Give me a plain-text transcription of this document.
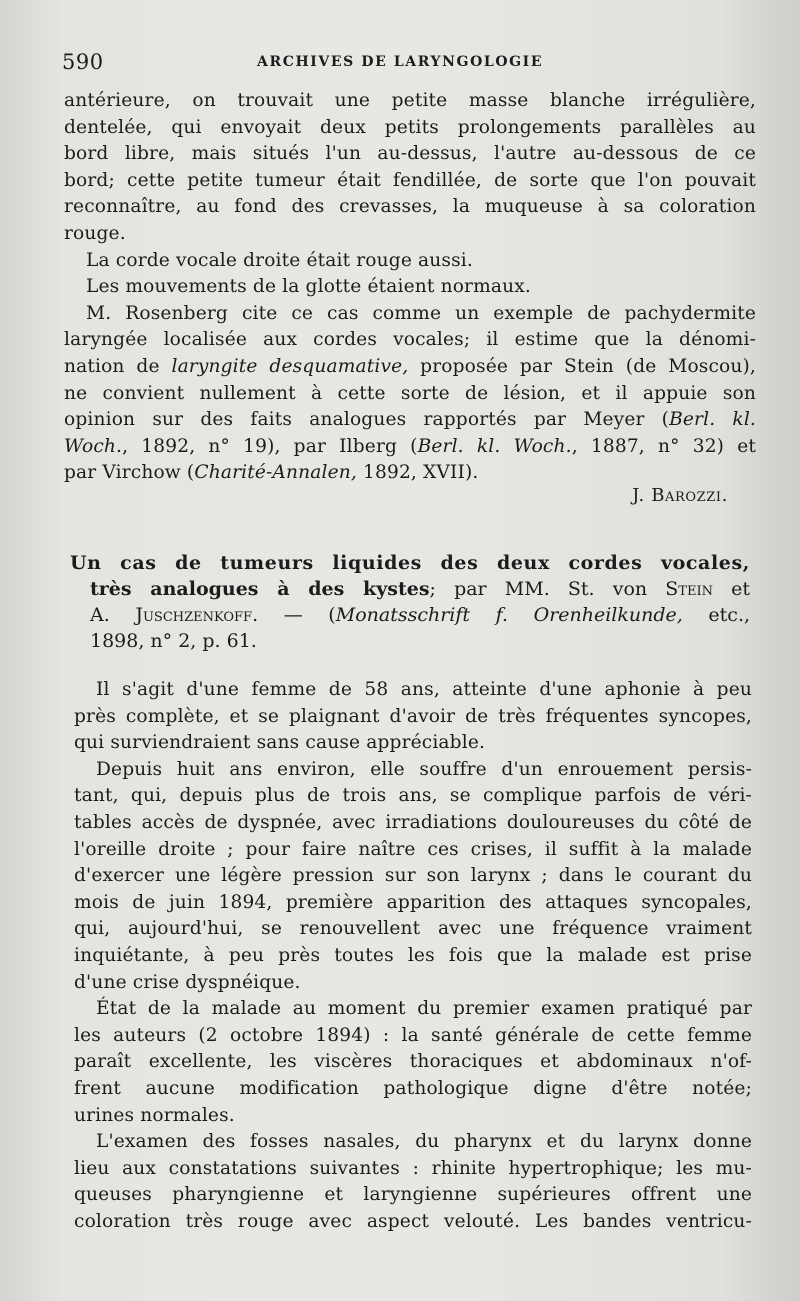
590	ARCHIVES DE LARYNGOLOGIE
antérieure, on trouvait une petite masse blanche irrégulière,
dentelée, qui envoyait deux petits prolongements parallèles au
bord libre, mais situés l'un au-dessus, l'autre au-dessous de ce
bord; cette petite tumeur était fendillée, de sorte que l'on pouvait
reconnaître, au fond des crevasses, la muqueuse à sa coloration
rouge.
La corde vocale droite était rouge aussi.
Les mouvements de la glotte étaient normaux.
M. Rosenberg cite ce cas comme un exemple de pachydermite
laryngée localisée aux cordes vocales; il estime que la dénomi-
nation de laryngite desquamative, proposée par Stein (de Moscou),
ne convient nullement à cette sorte de lésion, et il appuie son
opinion sur des faits analogues rapportés par Meyer (Berl. kl.
Woch., 1892, n° 19), par Ilberg (Berl. kl. Woch., 1887, n° 32) et
par Virchow (Charité-Annalen, 1892, XVII).
J. Barozzi.
Un cas de tumeurs liquides des deux cordes vocales,
très analogues à des kystes; par MM. St. von Stein et
A. Juschzenkoff. — (Monatsschrift f. Orenheilkunde, etc.,
1898, n° 2, p. 61.
Il s'agit d'une femme de 58 ans, atteinte d'une aphonie à peu
près complète, et se plaignant d'avoir de très fréquentes syncopes,
qui surviendraient sans cause appréciable.
Depuis huit ans environ, elle souffre d'un enrouement persis-
tant, qui, depuis plus de trois ans, se complique parfois de véri-
tables accès de dyspnée, avec irradiations douloureuses du côté de
l'oreille droite ; pour faire naître ces crises, il suffit à la malade
d'exercer une légère pression sur son larynx ; dans le courant du
mois de juin 1894, première apparition des attaques syncopales,
qui, aujourd'hui, se renouvellent avec une fréquence vraiment
inquiétante, à peu près toutes les fois que la malade est prise
d'une crise dyspnéique.
État de la malade au moment du premier examen pratiqué par
les auteurs (2 octobre 1894) : la santé générale de cette femme
paraît excellente, les viscères thoraciques et abdominaux n'of-
frent aucune modification pathologique digne d'être notée;
urines normales.
L'examen des fosses nasales, du pharynx et du larynx donne
lieu aux constatations suivantes : rhinite hypertrophique; les mu-
queuses pharyngienne et laryngienne supérieures offrent une
coloration très rouge avec aspect velouté. Les bandes ventricu-
